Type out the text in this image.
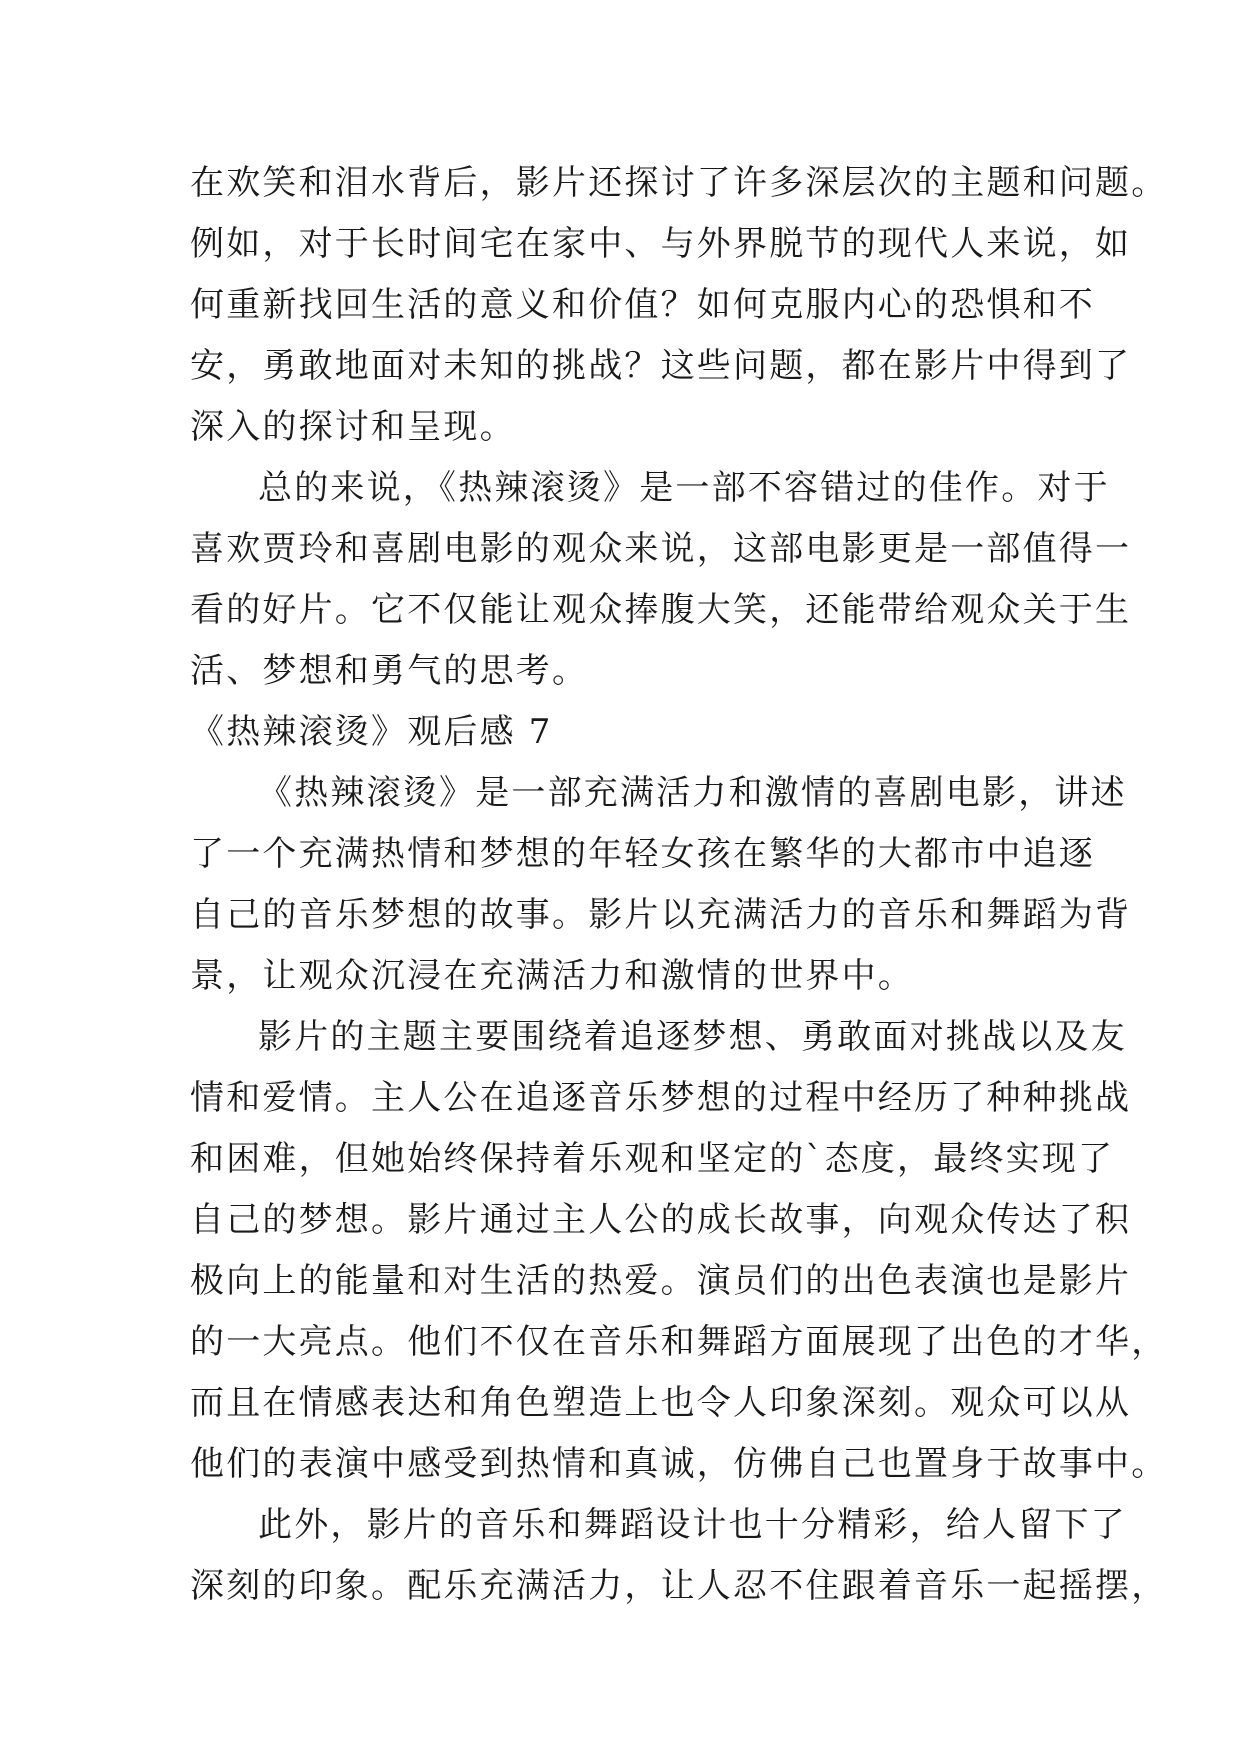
在欢笑和泪水背后，影片还探讨了许多深层次的主题和问题。
例如，对于长时间宅在家中、与外界脱节的现代人来说，如
何重新找回生活的意义和价值？如何克服内心的恐惧和不
安，勇敢地面对未知的挑战？这些问题，都在影片中得到了
深入的探讨和呈现。
总的来说，《热辣滚烫》是一部不容错过的佳作。对于
喜欢贾玲和喜剧电影的观众来说，这部电影更是一部值得一
看的好片。它不仅能让观众捧腹大笑，还能带给观众关于生
活、梦想和勇气的思考。
《热辣滚烫》观后感 7
《热辣滚烫》是一部充满活力和激情的喜剧电影，讲述
了一个充满热情和梦想的年轻女孩在繁华的大都市中追逐
自己的音乐梦想的故事。影片以充满活力的音乐和舞蹈为背
景，让观众沉浸在充满活力和激情的世界中。
影片的主题主要围绕着追逐梦想、勇敢面对挑战以及友
情和爱情。主人公在追逐音乐梦想的过程中经历了种种挑战
和困难，但她始终保持着乐观和坚定的`态度，最终实现了
自己的梦想。影片通过主人公的成长故事，向观众传达了积
极向上的能量和对生活的热爱。演员们的出色表演也是影片
的一大亮点。他们不仅在音乐和舞蹈方面展现了出色的才华，
而且在情感表达和角色塑造上也令人印象深刻。观众可以从
他们的表演中感受到热情和真诚，仿佛自己也置身于故事中。
此外，影片的音乐和舞蹈设计也十分精彩，给人留下了
深刻的印象。配乐充满活力，让人忍不住跟着音乐一起摇摆，
